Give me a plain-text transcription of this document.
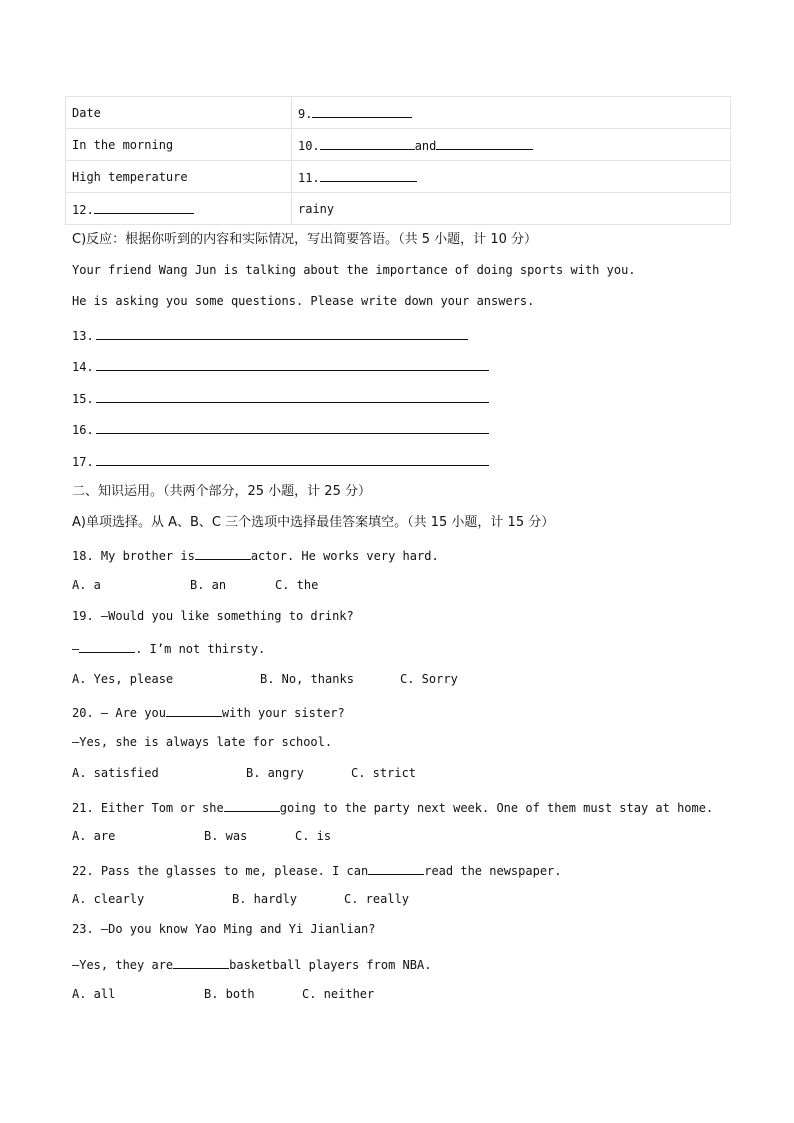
Date	9.
In the morning	10. and
High temperature	11.
12.	rainy
C)反应：根据你听到的内容和实际情况，写出简要答语。（共 5 小题，计 10 分）
Your friend Wang Jun is talking about the importance of doing sports with you.
He is asking you some questions. Please write down your answers.
13.
14.
15.
16.
17.
二、知识运用。（共两个部分，25 小题，计 25 分）
A)单项选择。从 A、B、C 三个选项中选择最佳答案填空。（共 15 小题，计 15 分）
18. My brother is	actor. He works very hard.
A. a	B. an	C. the
19. —Would you like something to drink?
—	. I’m not thirsty.
A. Yes, please	B. No, thanks	C. Sorry
20. — Are you	with your sister?
—Yes, she is always late for school.
A. satisfied	B. angry	C. strict
21. Either Tom or she	going to the party next week. One of them must stay at home.
A. are	B. was	C. is
22. Pass the glasses to me, please. I can	read the newspaper.
A. clearly	B. hardly	C. really
23. —Do you know Yao Ming and Yi Jianlian?
—Yes, they are	basketball players from NBA.
A. all	B. both	C. neither
